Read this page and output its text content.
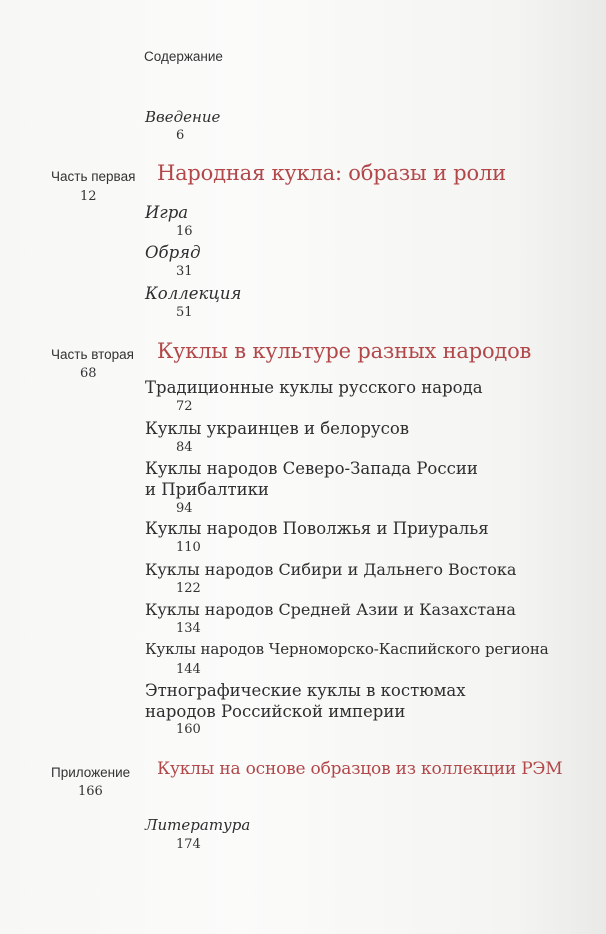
Содержание
Введение
6
Часть первая
12
Народная кукла: образы и роли
Игра
16
Обряд
31
Коллекция
51
Часть вторая
68
Куклы в культуре разных народов
Традиционные куклы русского народа
72
Куклы украинцев и белорусов
84
Куклы народов Северо-Запада России
и Прибалтики
94
Куклы народов Поволжья и Приуралья
110
Куклы народов Сибири и Дальнего Востока
122
Куклы народов Средней Азии и Казахстана
134
Куклы народов Черноморско-Каспийского региона
144
Этнографические куклы в костюмах
народов Российской империи
160
Приложение
166
Куклы на основе образцов из коллекции РЭМ
Литература
174
